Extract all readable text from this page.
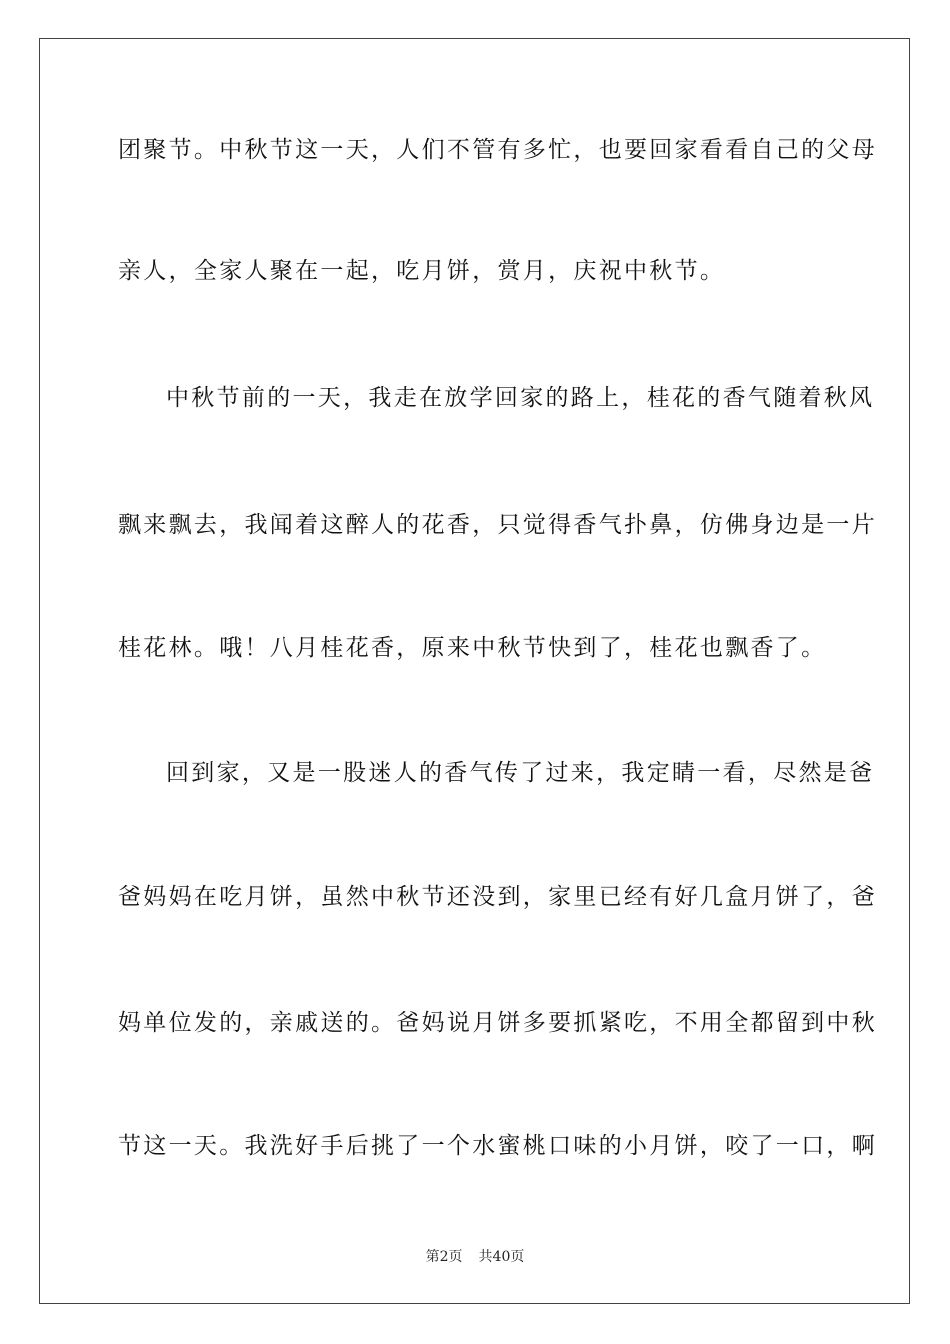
团聚节。中秋节这一天，人们不管有多忙，也要回家看看自己的父母
亲人，全家人聚在一起，吃月饼，赏月，庆祝中秋节。
中秋节前的一天，我走在放学回家的路上，桂花的香气随着秋风
飘来飘去，我闻着这醉人的花香，只觉得香气扑鼻，仿佛身边是一片
桂花林。哦！八月桂花香，原来中秋节快到了，桂花也飘香了。
回到家，又是一股迷人的香气传了过来，我定睛一看，尽然是爸
爸妈妈在吃月饼，虽然中秋节还没到，家里已经有好几盒月饼了，爸
妈单位发的，亲戚送的。爸妈说月饼多要抓紧吃，不用全都留到中秋
节这一天。我洗好手后挑了一个水蜜桃口味的小月饼，咬了一口，啊
第2页 共40页
